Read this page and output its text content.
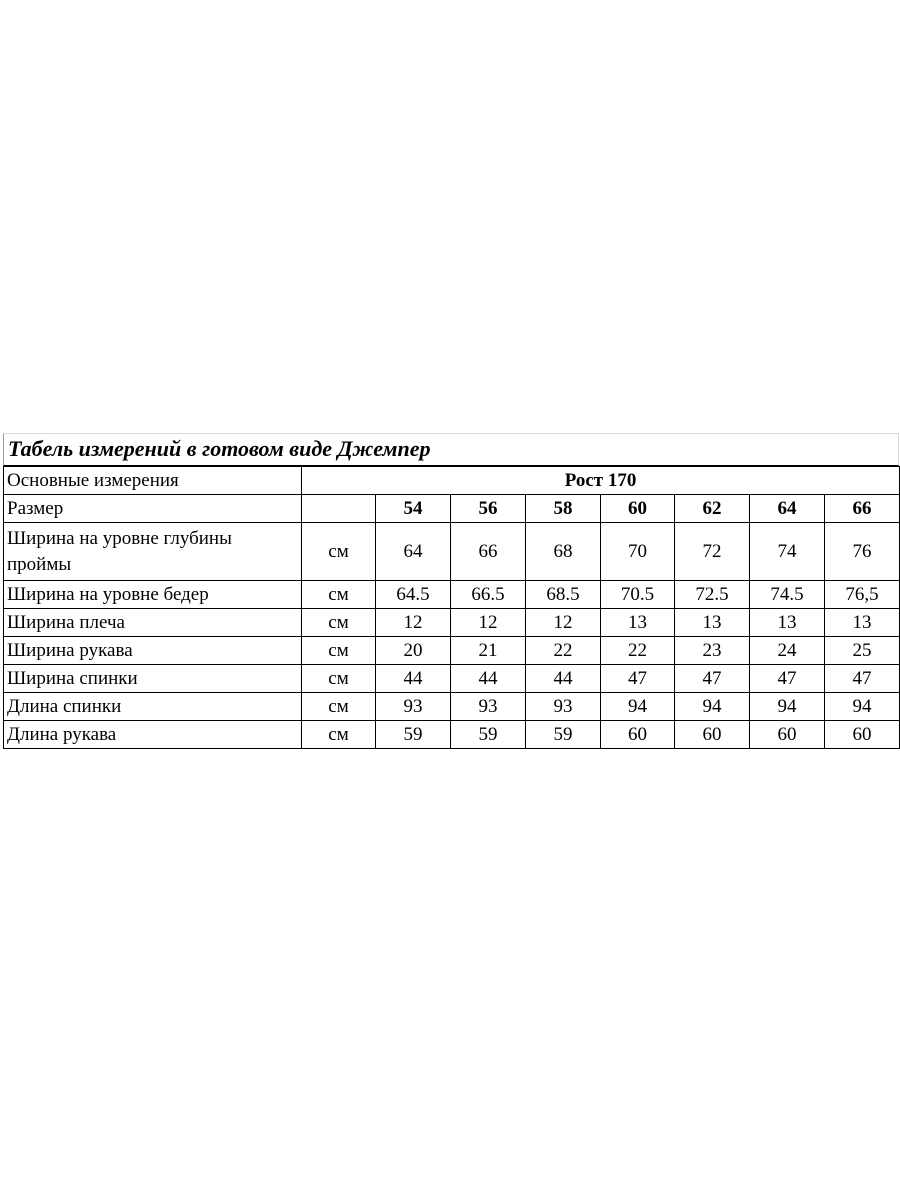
Табель измерений в готовом виде Джемпер
Основные измерения	Рост 170							
Размер		54	56	58	60	62	64	66
Ширина на уровне глубины проймы	см	64	66	68	70	72	74	76
Ширина на уровне бедер	см	64.5	66.5	68.5	70.5	72.5	74.5	76,5
Ширина плеча	см	12	12	12	13	13	13	13
Ширина рукава	см	20	21	22	22	23	24	25
Ширина спинки	см	44	44	44	47	47	47	47
Длина спинки	см	93	93	93	94	94	94	94
Длина рукава	см	59	59	59	60	60	60	60
